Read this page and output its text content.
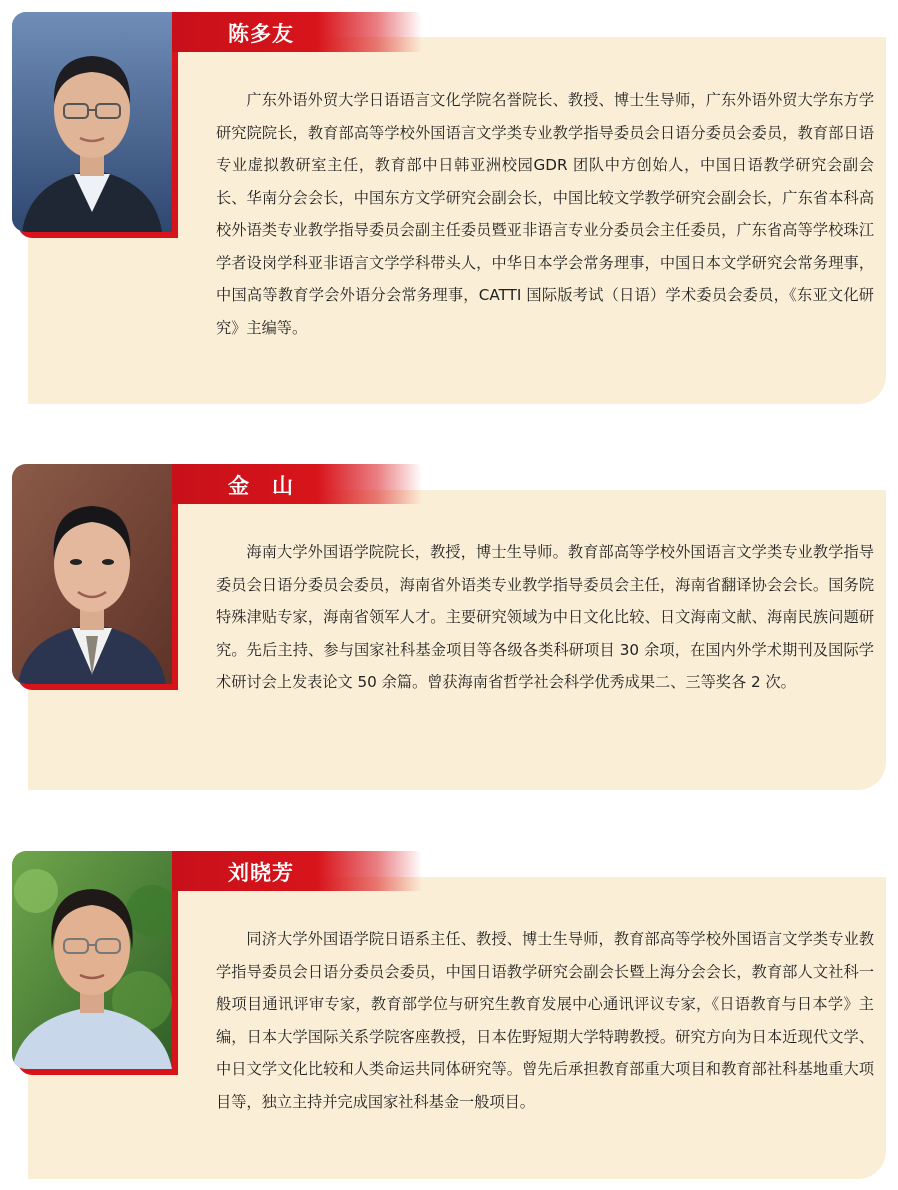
陈多友

广东外语外贸大学日语语言文化学院名誉院长、教授、博士生导师，广东外语外贸大学东方学研究院院长，教育部高等学校外国语言文学类专业教学指导委员会日语分委员会委员，教育部日语专业虚拟教研室主任，教育部中日韩亚洲校园GDR 团队中方创始人，中国日语教学研究会副会长、华南分会会长，中国东方文学研究会副会长，中国比较文学教学研究会副会长，广东省本科高校外语类专业教学指导委员会副主任委员暨亚非语言专业分委员会主任委员，广东省高等学校珠江学者设岗学科亚非语言文学学科带头人，中华日本学会常务理事，中国日本文学研究会常务理事，中国高等教育学会外语分会常务理事，CATTI 国际版考试（日语）学术委员会委员，《东亚文化研究》主编等。

金　山

海南大学外国语学院院长，教授，博士生导师。教育部高等学校外国语言文学类专业教学指导委员会日语分委员会委员，海南省外语类专业教学指导委员会主任，海南省翻译协会会长。国务院特殊津贴专家，海南省领军人才。主要研究领域为中日文化比较、日文海南文献、海南民族问题研究。先后主持、参与国家社科基金项目等各级各类科研项目 30 余项，在国内外学术期刊及国际学术研讨会上发表论文 50 余篇。曾获海南省哲学社会科学优秀成果二、三等奖各 2 次。

刘晓芳

同济大学外国语学院日语系主任、教授、博士生导师，教育部高等学校外国语言文学类专业教学指导委员会日语分委员会委员，中国日语教学研究会副会长暨上海分会会长，教育部人文社科一般项目通讯评审专家，教育部学位与研究生教育发展中心通讯评议专家，《日语教育与日本学》主编，日本大学国际关系学院客座教授，日本佐野短期大学特聘教授。研究方向为日本近现代文学、中日文学文化比较和人类命运共同体研究等。曾先后承担教育部重大项目和教育部社科基地重大项目等，独立主持并完成国家社科基金一般项目。
